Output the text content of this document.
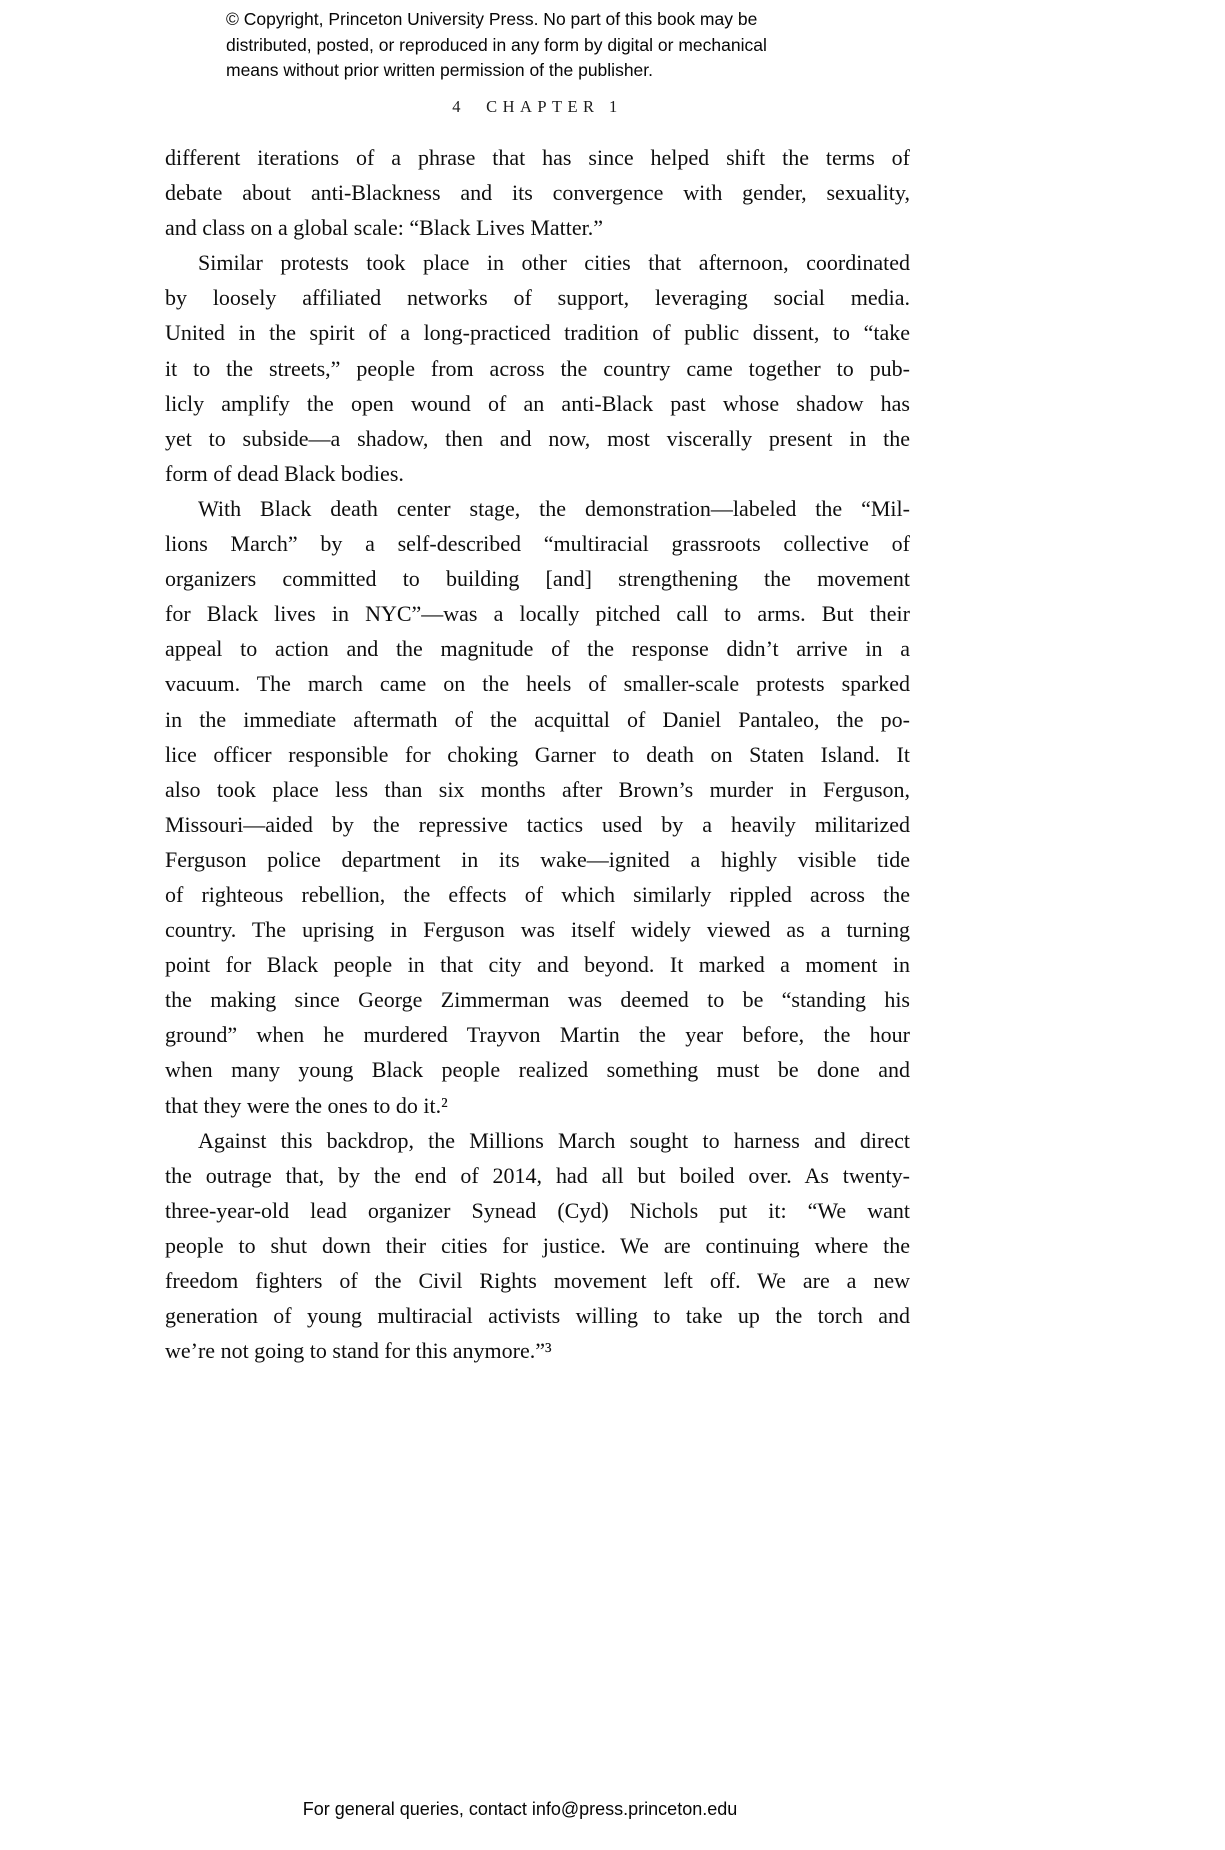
© Copyright, Princeton University Press. No part of this book may be
distributed, posted, or reproduced in any form by digital or mechanical
means without prior written permission of the publisher.
4 CHAPTER 1
different iterations of a phrase that has since helped shift the terms of
debate about anti-Blackness and its convergence with gender, sexuality,
and class on a global scale: “Black Lives Matter.”
Similar protests took place in other cities that afternoon, coordinated
by loosely affiliated networks of support, leveraging social media.
United in the spirit of a long-practiced tradition of public dissent, to “take
it to the streets,” people from across the country came together to pub-
licly amplify the open wound of an anti-Black past whose shadow has
yet to subside—a shadow, then and now, most viscerally present in the
form of dead Black bodies.
With Black death center stage, the demonstration—labeled the “Mil-
lions March” by a self-described “multiracial grassroots collective of
organizers committed to building [and] strengthening the movement
for Black lives in NYC”—was a locally pitched call to arms. But their
appeal to action and the magnitude of the response didn’t arrive in a
vacuum. The march came on the heels of smaller-scale protests sparked
in the immediate aftermath of the acquittal of Daniel Pantaleo, the po-
lice officer responsible for choking Garner to death on Staten Island. It
also took place less than six months after Brown’s murder in Ferguson,
Missouri—aided by the repressive tactics used by a heavily militarized
Ferguson police department in its wake—ignited a highly visible tide
of righteous rebellion, the effects of which similarly rippled across the
country. The uprising in Ferguson was itself widely viewed as a turning
point for Black people in that city and beyond. It marked a moment in
the making since George Zimmerman was deemed to be “standing his
ground” when he murdered Trayvon Martin the year before, the hour
when many young Black people realized something must be done and
that they were the ones to do it.²
Against this backdrop, the Millions March sought to harness and direct
the outrage that, by the end of 2014, had all but boiled over. As twenty-
three-year-old lead organizer Synead (Cyd) Nichols put it: “We want
people to shut down their cities for justice. We are continuing where the
freedom fighters of the Civil Rights movement left off. We are a new
generation of young multiracial activists willing to take up the torch and
we’re not going to stand for this anymore.”³
For general queries, contact info@press.princeton.edu
